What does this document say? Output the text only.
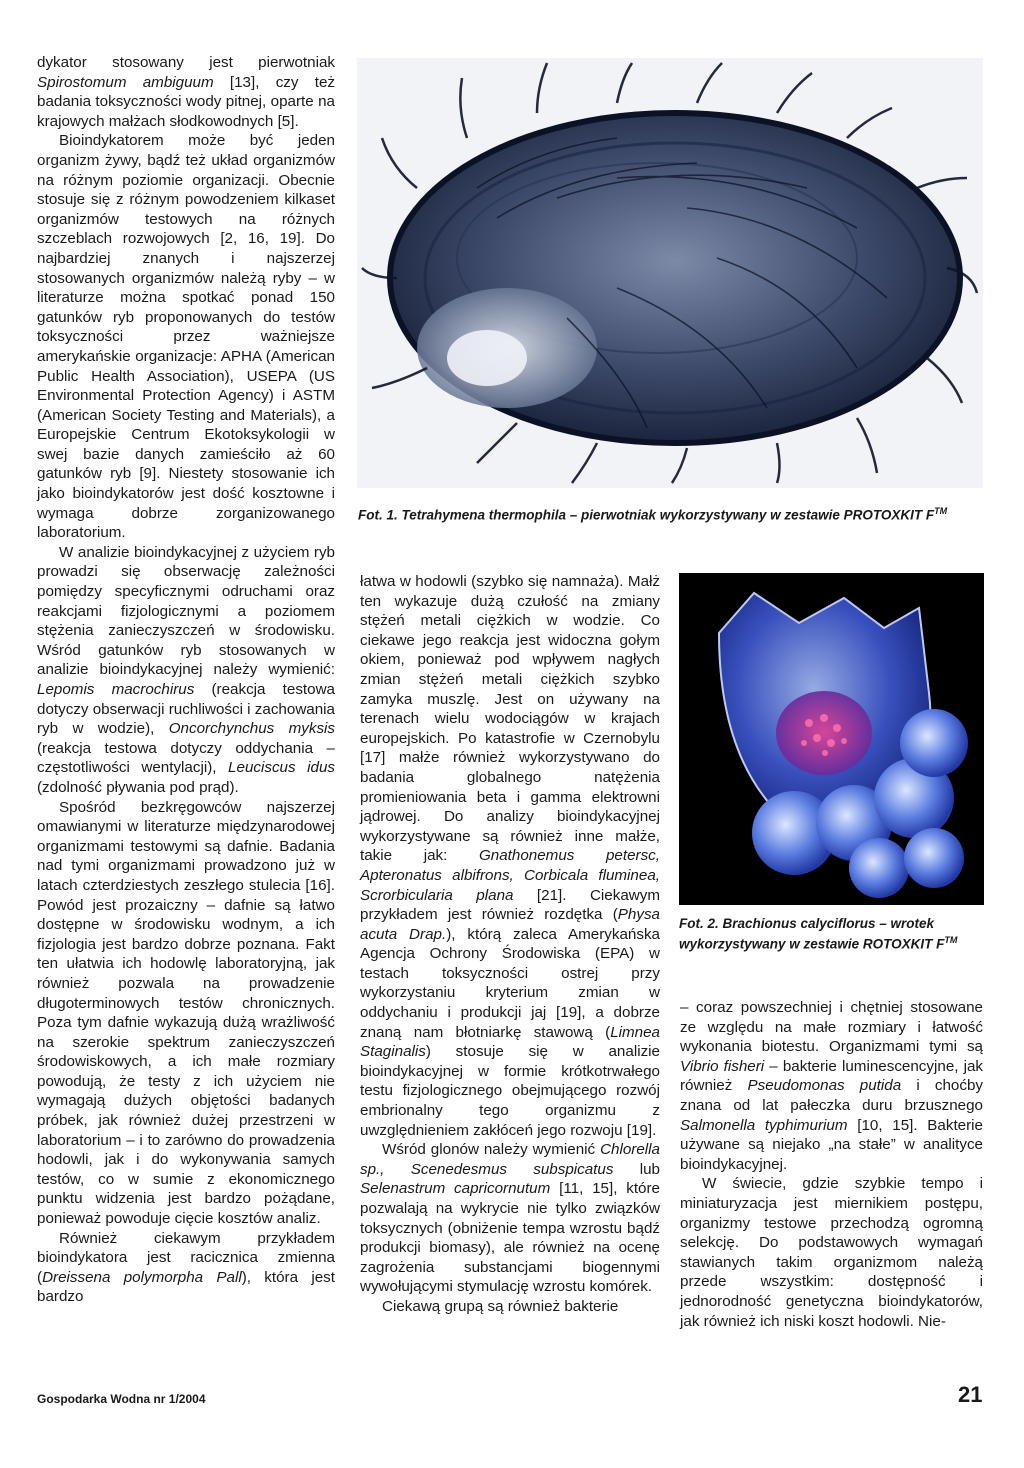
dykator stosowany jest pierwotniak Spirostomum ambiguum [13], czy też badania toksyczności wody pitnej, oparte na krajowych małżach słodkowodnych [5].

Bioindykatorem może być jeden organizm żywy, bądź też układ organizmów na różnym poziomie organizacji. Obecnie stosuje się z różnym powodzeniem kilkaset organizmów testowych na różnych szczeblach rozwojowych [2, 16, 19]. Do najbardziej znanych i najszerzej stosowanych organizmów należą ryby – w literaturze można spotkać ponad 150 gatunków ryb proponowanych do testów toksyczności przez ważniejsze amerykańskie organizacje: APHA (American Public Health Association), USEPA (US Environmental Protection Agency) i ASTM (American Society Testing and Materials), a Europejskie Centrum Ekotoksykologii w swej bazie danych zamieściło aż 60 gatunków ryb [9]. Niestety stosowanie ich jako bioindykatorów jest dość kosztowne i wymaga dobrze zorganizowanego laboratorium.

W analizie bioindykacyjnej z użyciem ryb prowadzi się obserwację zależności pomiędzy specyficznymi odruchami oraz reakcjami fizjologicznymi a poziomem stężenia zanieczyszczeń w środowisku. Wśród gatunków ryb stosowanych w analizie bioindykacyjnej należy wymienić: Lepomis macrochirus (reakcja testowa dotyczy obserwacji ruchliwości i zachowania ryb w wodzie), Oncorchynchus myksis (reakcja testowa dotyczy oddychania – częstotliwości wentylacji), Leuciscus idus (zdolność pływania pod prąd).

Spośród bezkręgowców najszerzej omawianymi w literaturze międzynarodowej organizmami testowymi są dafnie. Badania nad tymi organizmami prowadzono już w latach czterdziestych zeszłego stulecia [16]. Powód jest prozaiczny – dafnie są łatwo dostępne w środowisku wodnym, a ich fizjologia jest bardzo dobrze poznana. Fakt ten ułatwia ich hodowlę laboratoryjną, jak również pozwala na prowadzenie długoterminowych testów chronicznych. Poza tym dafnie wykazują dużą wrażliwość na szerokie spektrum zanieczyszczeń środowiskowych, a ich małe rozmiary powodują, że testy z ich użyciem nie wymagają dużych objętości badanych próbek, jak również dużej przestrzeni w laboratorium – i to zarówno do prowadzenia hodowli, jak i do wykonywania samych testów, co w sumie z ekonomicznego punktu widzenia jest bardzo pożądane, ponieważ powoduje cięcie kosztów analiz.

Również ciekawym przykładem bioindykatora jest racicznica zmienna (Dreissena polymorpha Pall), która jest bardzo

Fot. 1. Tetrahymena thermophila – pierwotniak wykorzystywany w zestawie PROTOXKIT F™

łatwa w hodowli (szybko się namnaża). Małż ten wykazuje dużą czułość na zmiany stężeń metali ciężkich w wodzie. Co ciekawe jego reakcja jest widoczna gołym okiem, ponieważ pod wpływem nagłych zmian stężeń metali ciężkich szybko zamyka muszlę. Jest on używany na terenach wielu wodociągów w krajach europejskich. Po katastrofie w Czernobylu [17] małże również wykorzystywano do badania globalnego natężenia promieniowania beta i gamma elektrowni jądrowej. Do analizy bioindykacyjnej wykorzystywane są również inne małże, takie jak: Gnathonemus petersc, Apteronatus albifrons, Corbicala fluminea, Scrorbicularia plana [21]. Ciekawym przykładem jest również rozdętka (Physa acuta Drap.), którą zaleca Amerykańska Agencja Ochrony Środowiska (EPA) w testach toksyczności ostrej przy wykorzystaniu kryterium zmian w oddychaniu i produkcji jaj [19], a dobrze znaną nam błotniarkę stawową (Limnea Staginalis) stosuje się w analizie bioindykacyjnej w formie krótkotrwałego testu fizjologicznego obejmującego rozwój embrionalny tego organizmu z uwzględnieniem zakłóceń jego rozwoju [19].

Wśród glonów należy wymienić Chlorella sp., Scenedesmus subspicatus lub Selenastrum capricornutum [11, 15], które pozwalają na wykrycie nie tylko związków toksycznych (obniżenie tempa wzrostu bądź produkcji biomasy), ale również na ocenę zagrożenia substancjami biogennymi wywołującymi stymulację wzrostu komórek.

Ciekawą grupą są również bakterie

Fot. 2. Brachionus calyciflorus – wrotek wykorzystywany w zestawie ROTOXKIT F™

– coraz powszechniej i chętniej stosowane ze względu na małe rozmiary i łatwość wykonania biotestu. Organizmami tymi są Vibrio fisheri – bakterie luminescencyjne, jak również Pseudomonas putida i choćby znana od lat pałeczka duru brzusznego Salmonella typhimurium [10, 15]. Bakterie używane są niejako „na stałe” w analityce bioindykacyjnej.

W świecie, gdzie szybkie tempo i miniaturyzacja jest miernikiem postępu, organizmy testowe przechodzą ogromną selekcję. Do podstawowych wymagań stawianych takim organizmom należą przede wszystkim: dostępność i jednorodność genetyczna bioindykatorów, jak również ich niski koszt hodowli. Nie-

Gospodarka Wodna nr 1/2004	21
